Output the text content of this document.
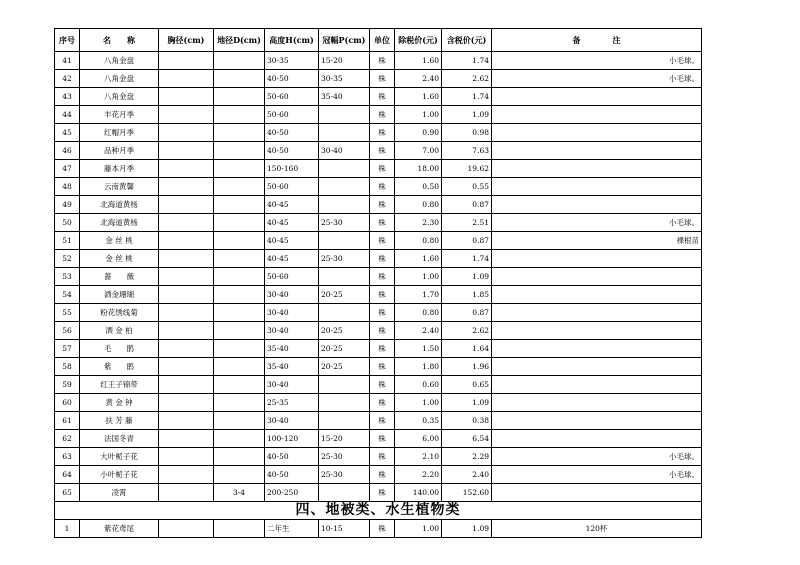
序号	名　　称	胸径(cm)	地径D(cm)	高度H(cm)	冠幅P(cm)	单位	除税价(元)	含税价(元)	备　　　　注
41	八角金盘			30-35	15-20	株	1.60	1.74	小毛球。
42	八角金盘			40-50	30-35	株	2.40	2.62	小毛球。
43	八角金盘			50-60	35-40	株	1.60	1.74	
44	丰花月季			50-60		株	1.00	1.09	
45	红帽月季			40-50		株	0.90	0.98	
46	品种月季			40-50	30-40	株	7.00	7.63	
47	藤本月季			150-160		株	18.00	19.62	
48	云南黄馨			50-60		株	0.50	0.55	
49	北海道黄杨			40-45		株	0.80	0.87	
50	北海道黄杨			40-45	25-30	株	2.30	2.51	小毛球。
51	金 丝 桃			40-45		株	0.80	0.87	裸根苗
52	金 丝 桃			40-45	25-30	株	1.60	1.74	
53	蔷　　薇			50-60		株	1.00	1.09	
54	洒金珊瑚			30-40	20-25	株	1.70	1.85	
55	粉花绣线菊			30-40		株	0.80	0.87	
56	洒 金 柏			30-40	20-25	株	2.40	2.62	
57	毛　　鹃			35-40	20-25	株	1.50	1.64	
58	紫　　鹃			35-40	20-25	株	1.80	1.96	
59	红王子锦带			30-40		株	0.60	0.65	
60	黄 金 钟			25-35		株	1.00	1.09	
61	扶 芳 藤			30-40		株	0.35	0.38	
62	法国冬青			100-120	15-20	株	6.00	6.54	
63	大叶栀子花			40-50	25-30	株	2.10	2.29	小毛球。
64	小叶栀子花			40-50	25-30	株	2.20	2.40	小毛球。
65	凌霄		3-4	200-250		株	140.00	152.60	
四、地被类、水生植物类									
1	紫花鸢尾			二年生	10-15	株	1.00	1.09	120杯
